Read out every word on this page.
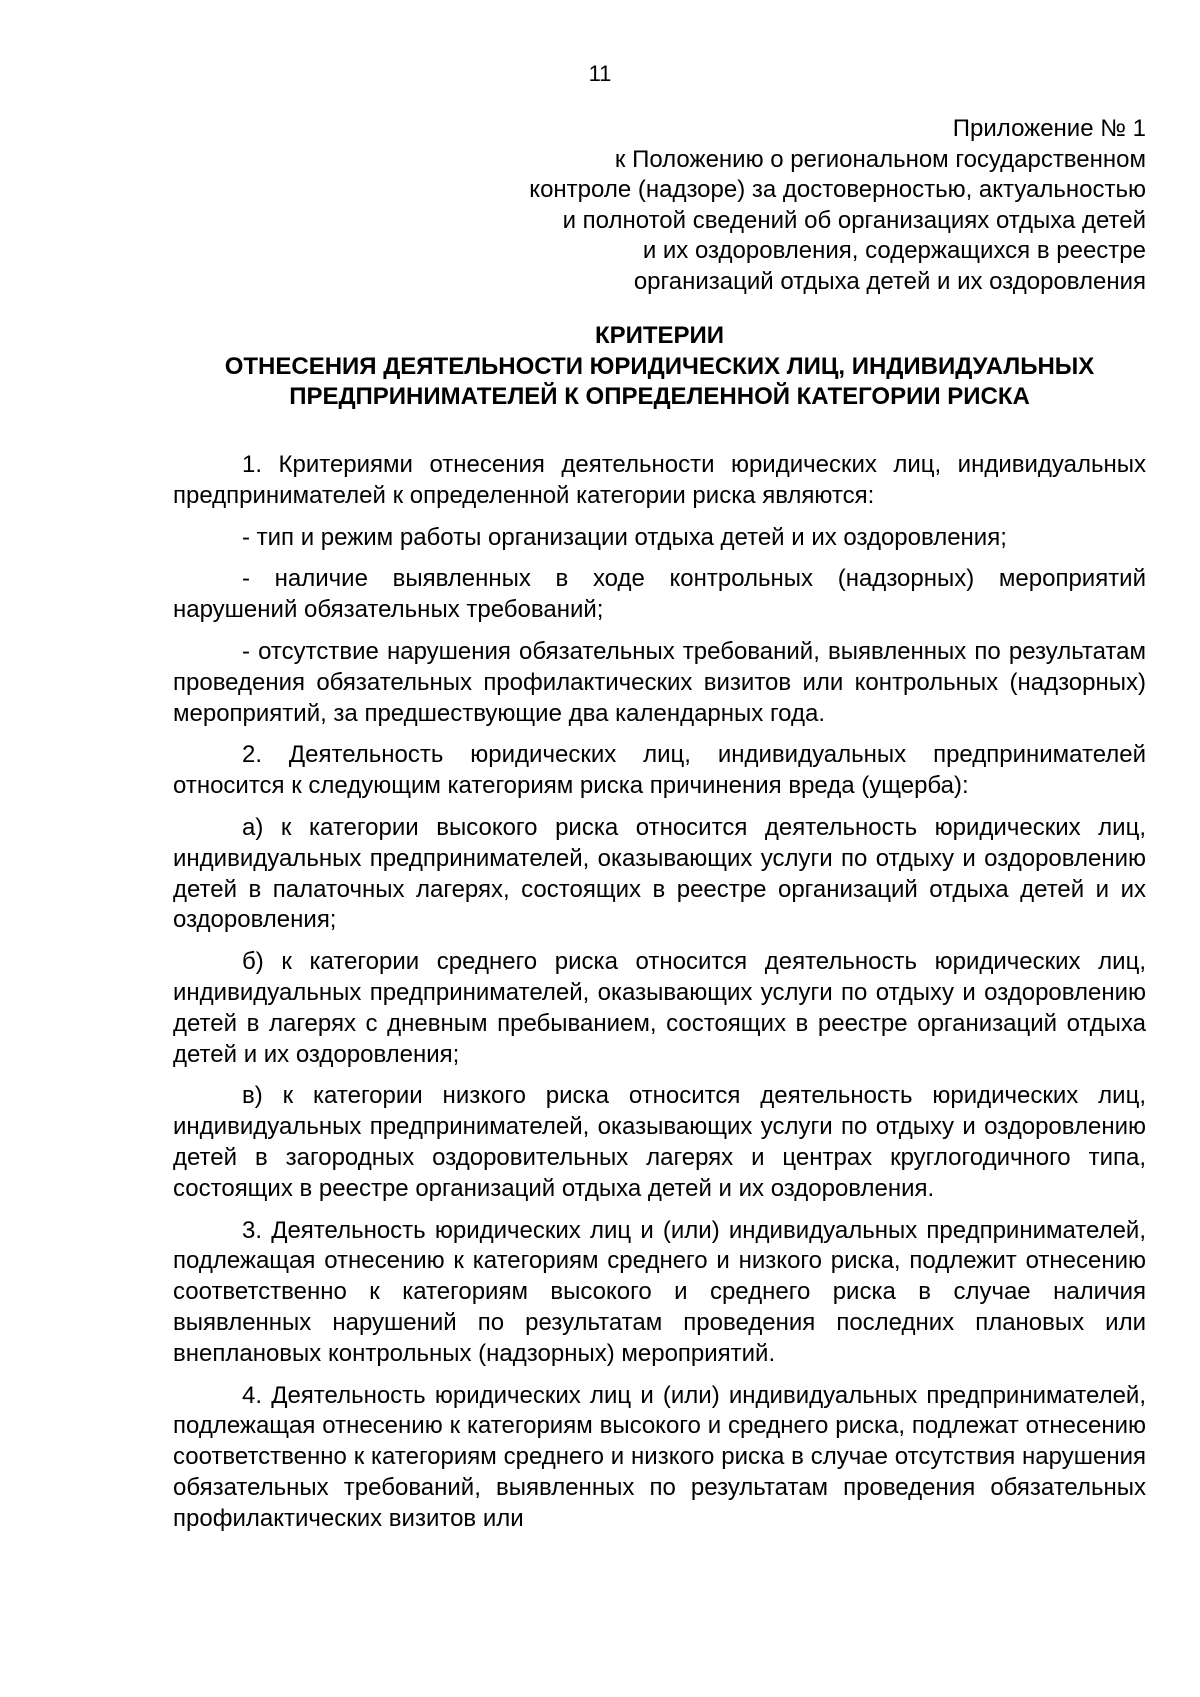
11
Приложение № 1
к Положению о региональном государственном
контроле (надзоре) за достоверностью, актуальностью
и полнотой сведений об организациях отдыха детей
и их оздоровления, содержащихся в реестре
организаций отдыха детей и их оздоровления
КРИТЕРИИ
ОТНЕСЕНИЯ ДЕЯТЕЛЬНОСТИ ЮРИДИЧЕСКИХ ЛИЦ, ИНДИВИДУАЛЬНЫХ
ПРЕДПРИНИМАТЕЛЕЙ К ОПРЕДЕЛЕННОЙ КАТЕГОРИИ РИСКА

1. Критериями отнесения деятельности юридических лиц, индивидуальных предпринимателей к определенной категории риска являются:

- тип и режим работы организации отдыха детей и их оздоровления;

- наличие выявленных в ходе контрольных (надзорных) мероприятий нарушений обязательных требований;

- отсутствие нарушения обязательных требований, выявленных по результатам проведения обязательных профилактических визитов или контрольных (надзорных) мероприятий, за предшествующие два календарных года.

2. Деятельность юридических лиц, индивидуальных предпринимателей относится к следующим категориям риска причинения вреда (ущерба):

а) к категории высокого риска относится деятельность юридических лиц, индивидуальных предпринимателей, оказывающих услуги по отдыху и оздоровлению детей в палаточных лагерях, состоящих в реестре организаций отдыха детей и их оздоровления;

б) к категории среднего риска относится деятельность юридических лиц, индивидуальных предпринимателей, оказывающих услуги по отдыху и оздоровлению детей в лагерях с дневным пребыванием, состоящих в реестре организаций отдыха детей и их оздоровления;

в) к категории низкого риска относится деятельность юридических лиц, индивидуальных предпринимателей, оказывающих услуги по отдыху и оздоровлению детей в загородных оздоровительных лагерях и центрах круглогодичного типа, состоящих в реестре организаций отдыха детей и их оздоровления.

3. Деятельность юридических лиц и (или) индивидуальных предпринимателей, подлежащая отнесению к категориям среднего и низкого риска, подлежит отнесению соответственно к категориям высокого и среднего риска в случае наличия выявленных нарушений по результатам проведения последних плановых или внеплановых контрольных (надзорных) мероприятий.

4. Деятельность юридических лиц и (или) индивидуальных предпринимателей, подлежащая отнесению к категориям высокого и среднего риска, подлежат отнесению соответственно к категориям среднего и низкого риска в случае отсутствия нарушения обязательных требований, выявленных по результатам проведения обязательных профилактических визитов или
